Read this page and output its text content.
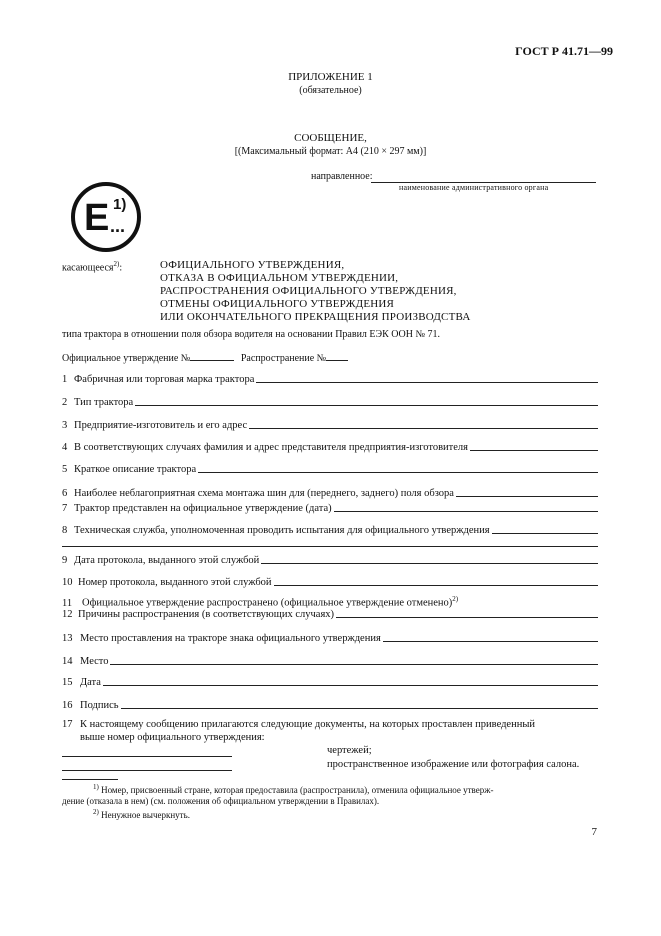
ГОСТ Р 41.71—99
ПРИЛОЖЕНИЕ 1
(обязательное)
СООБЩЕНИЕ,
[(Максимальный формат: А4 (210 × 297 мм)]
направленное:
наименование административного органа
E 1)
...
касающееся$^{2)}$:	ОФИЦИАЛЬНОГО УТВЕРЖДЕНИЯ,
ОТКАЗА В ОФИЦИАЛЬНОМ УТВЕРЖДЕНИИ,
РАСПРОСТРАНЕНИЯ ОФИЦИАЛЬНОГО УТВЕРЖДЕНИЯ,
ОТМЕНЫ ОФИЦИАЛЬНОГО УТВЕРЖДЕНИЯ
ИЛИ ОКОНЧАТЕЛЬНОГО ПРЕКРАЩЕНИЯ ПРОИЗВОДСТВА
типа трактора в отношении поля обзора водителя на основании Правил ЕЭК ООН № 71.
Официальное утверждение №	Распространение №
1 Фабричная или торговая марка трактора
2 Тип трактора
3 Предприятие-изготовитель и его адрес
4 В соответствующих случаях фамилия и адрес представителя предприятия-изготовителя
5 Краткое описание трактора
6 Наиболее неблагоприятная схема монтажа шин для (переднего, заднего) поля обзора
7 Трактор представлен на официальное утверждение (дата)
8 Техническая служба, уполномоченная проводить испытания для официального утверждения
9 Дата протокола, выданного этой службой
10 Номер протокола, выданного этой службой
11 Официальное утверждение распространено (официальное утверждение отменено)$^{2)}$
12 Причины распространения (в соответствующих случаях)
13 Место проставления на тракторе знака официального утверждения
14 Место
15 Дата
16 Подпись
17 К настоящему сообщению прилагаются следующие документы, на которых проставлен приведенный
выше номер официального утверждения:
чертежей;
пространственное изображение или фотография салона.
$^{1)}$ Номер, присвоенный стране, которая предоставила (распространила), отменила официальное утверж-
дение (отказала в нем) (см. положения об официальном утверждении в Правилах).
$^{2)}$ Ненужное вычеркнуть.
7
